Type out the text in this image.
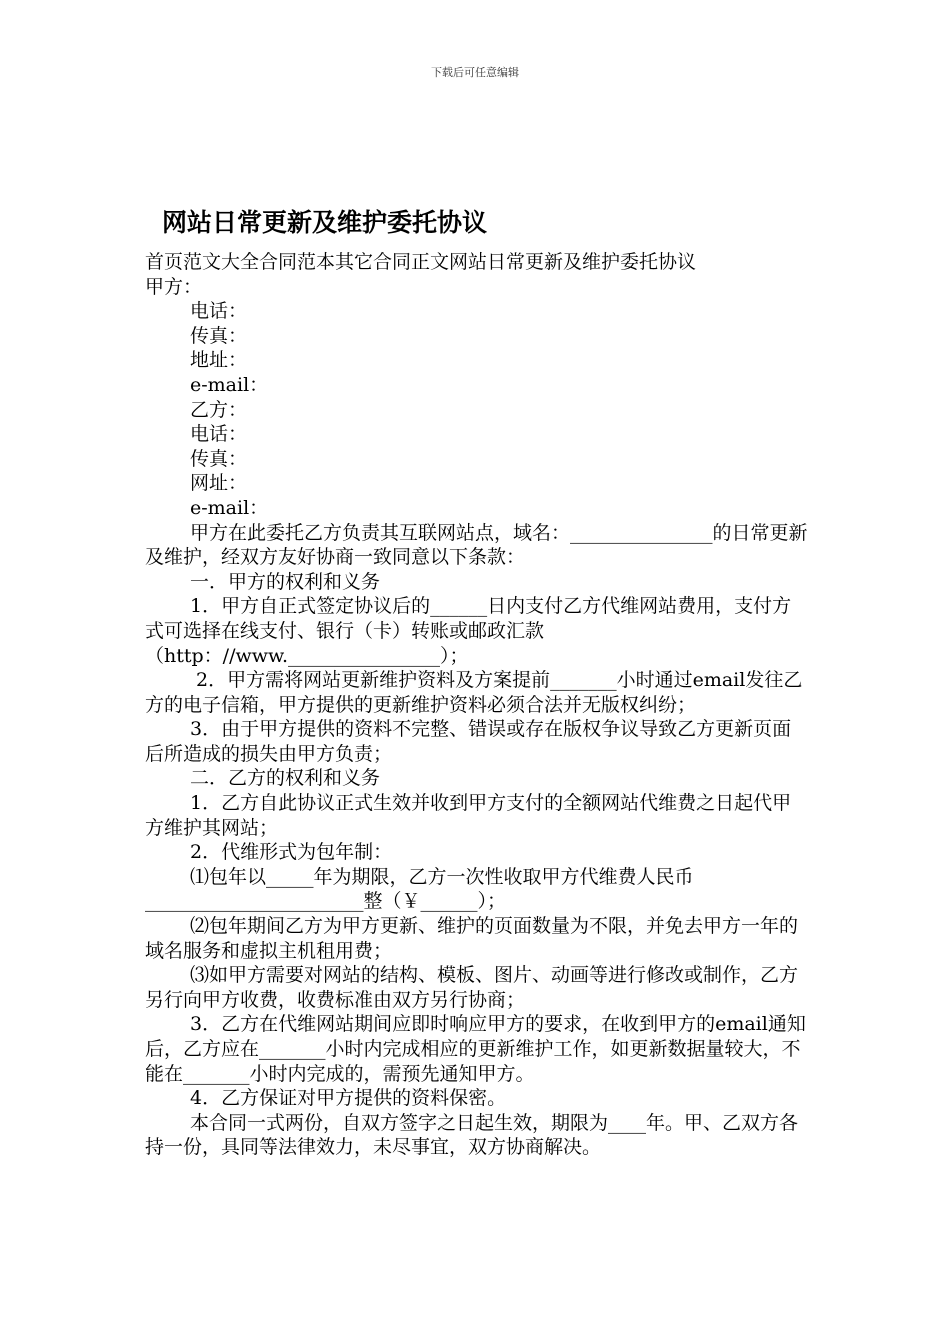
下载后可任意编辑
网站日常更新及维护委托协议
首页范文大全合同范本其它合同正文网站日常更新及维护委托协议
甲方：
电话：
传真：
地址：
e-mail：
乙方：
电话：
传真：
网址：
e-mail：
甲方在此委托乙方负责其互联网站点，域名：_______________的日常更新及维护，经双方友好协商一致同意以下条款：
一．甲方的权利和义务
1．甲方自正式签定协议后的______日内支付乙方代维网站费用，支付方式可选择在线支付、银行（卡）转账或邮政汇款（http：//www.________________）；
2．甲方需将网站更新维护资料及方案提前_______小时通过email发往乙方的电子信箱，甲方提供的更新维护资料必须合法并无版权纠纷；
3．由于甲方提供的资料不完整、错误或存在版权争议导致乙方更新页面后所造成的损失由甲方负责；
二．乙方的权利和义务
1．乙方自此协议正式生效并收到甲方支付的全额网站代维费之日起代甲方维护其网站；
2．代维形式为包年制：
⑴包年以_____年为期限，乙方一次性收取甲方代维费人民币_______________________整（￥______）；
⑵包年期间乙方为甲方更新、维护的页面数量为不限，并免去甲方一年的域名服务和虚拟主机租用费；
⑶如甲方需要对网站的结构、模板、图片、动画等进行修改或制作，乙方另行向甲方收费，收费标准由双方另行协商；
3．乙方在代维网站期间应即时响应甲方的要求，在收到甲方的email通知后，乙方应在_______小时内完成相应的更新维护工作，如更新数据量较大，不能在_______小时内完成的，需预先通知甲方。
4．乙方保证对甲方提供的资料保密。
本合同一式两份，自双方签字之日起生效，期限为____年。甲、乙双方各持一份，具同等法律效力，未尽事宜，双方协商解决。
